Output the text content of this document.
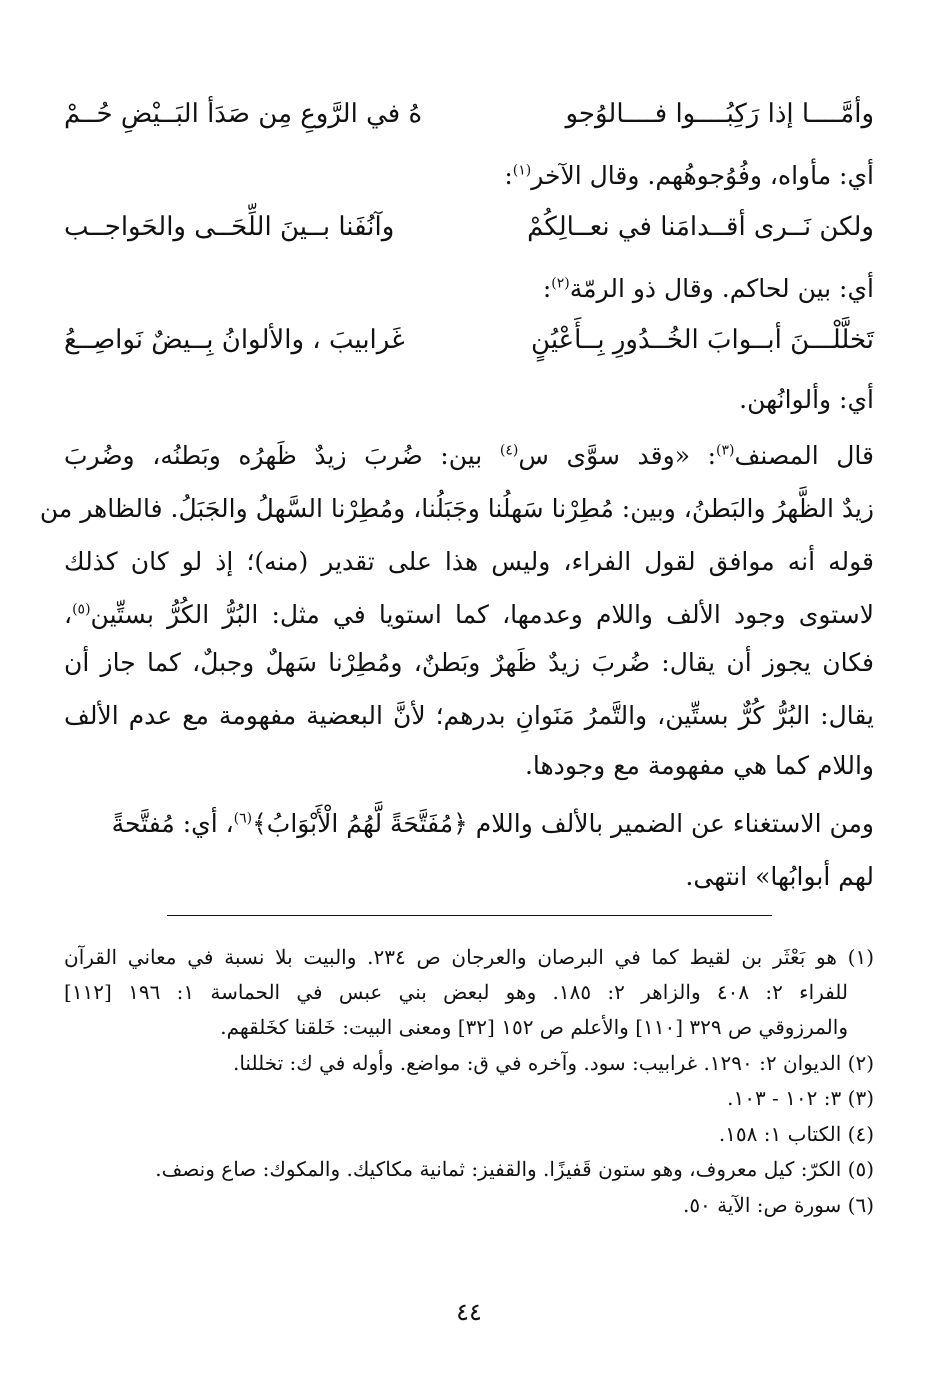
وأمَّــــا إذا رَكِبُــــوا فــــالوُجو
هُ في الرَّوعِ مِن صَدَأ البَــيْضِ حُــمْ
أي: مأواه، وفُوُجوهُهم. وقال الآخر$^{(١)}$:
ولكن نَــرى أقــدامَنا في نعــالِكُمْ
وآنُفَنا بــينَ اللِّحَــى والحَواجــب
أي: بين لحاكم. وقال ذو الرمّة$^{(٢)}$:
تَخلَّلْـــنَ أبــوابَ الخُــدُورِ بِــأَعْيُنٍ
غَرابيبَ ، والألوانُ بِــيضٌ نَواصِــعُ
أي: وألوانُهن.
قال المصنف$^{(٣)}$: «وقد سوَّى س$^{(٤)}$ بين: ضُربَ زيدٌ ظَهرُه وبَطنُه، وضُربَ
زيدٌ الظَّهرُ والبَطنُ، وبين: مُطِرْنا سَهلُنا وجَبَلُنا، ومُطِرْنا السَّهلُ والجَبَلُ. فالظاهر من
قوله أنه موافق لقول الفراء، وليس هذا على تقدير (منه)؛ إذ لو كان كذلك
لاستوى وجود الألف واللام وعدمها، كما استويا في مثل: البُرُّ الكُرُّ بستِّين$^{(٥)}$،
فكان يجوز أن يقال: ضُربَ زيدٌ ظَهرٌ وبَطنٌ، ومُطِرْنا سَهلٌ وجبلٌ، كما جاز أن
يقال: البُرُّ كُرٌّ بستِّين، والتَّمرُ مَنَوانِ بدرهم؛ لأنَّ البعضية مفهومة مع عدم الألف
واللام كما هي مفهومة مع وجودها.
ومن الاستغناء عن الضمير بالألف واللام ﴿مُفَتَّحَةً لَّهُمُ الْأَبْوَابُ﴾$^{(٦)}$، أي: مُفتَّحةً
لهم أبوابُها» انتهى.
(١) هو بَعْثَر بن لقيط كما في البرصان والعرجان ص ٢٣٤. والبيت بلا نسبة في معاني القرآن
للفراء ٢: ٤٠٨ والزاهر ٢: ١٨٥. وهو لبعض بني عبس في الحماسة ١: ١٩٦ [١١٢]
والمرزوقي ص ٣٢٩ [١١٠] والأعلم ص ١٥٢ [٣٢] ومعنى البيت: خَلقنا كخَلقهم.
(٢) الديوان ٢: ١٢٩٠. غرابيب: سود. وآخره في ق: مواضع. وأوله في ك: تخللنا.
(٣) ٣: ١٠٢ - ١٠٣.
(٤) الكتاب ١: ١٥٨.
(٥) الكرّ: كيل معروف، وهو ستون قَفيزًا. والقفيز: ثمانية مكاكيك. والمكوك: صاع ونصف.
(٦) سورة ص: الآية ٥٠.
٤٤
